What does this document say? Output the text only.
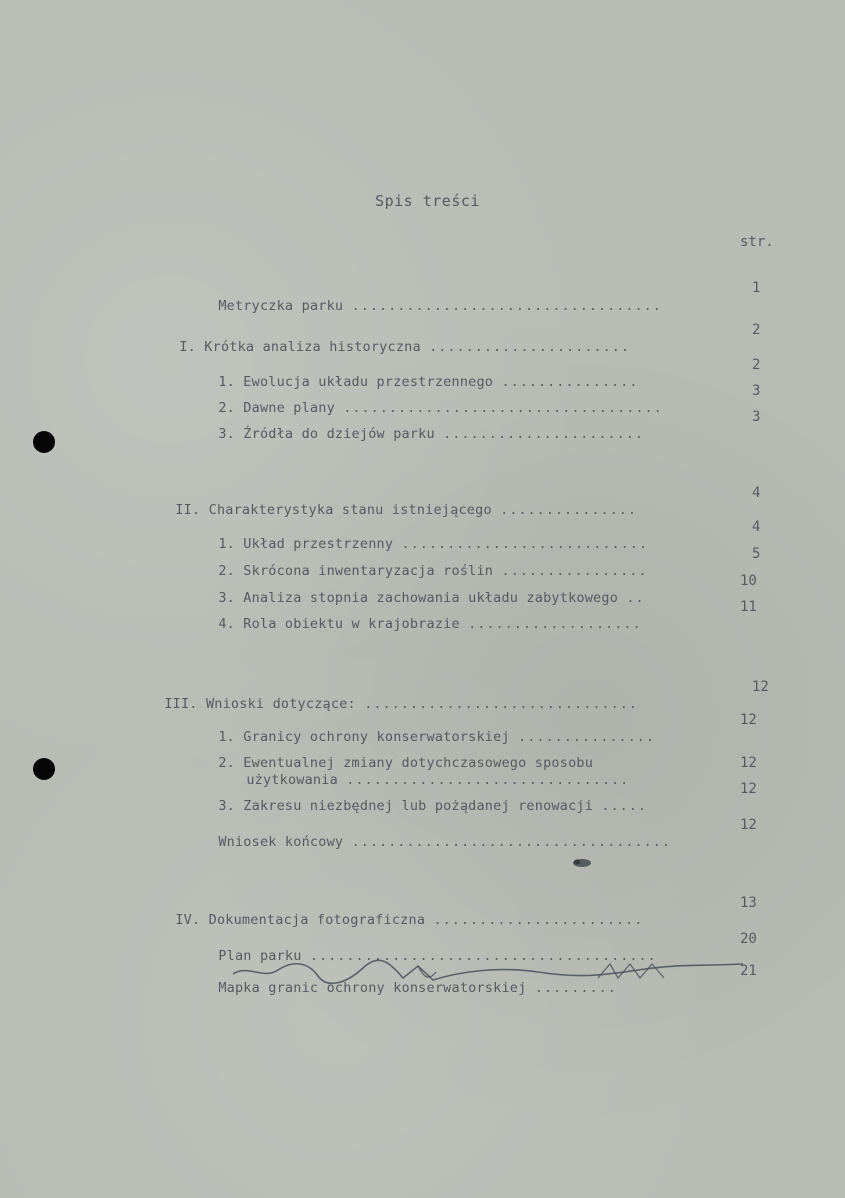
Spis treści
str.

Metryczka parku ..................................

1

I. Krótka analiza historyczna ......................

2

1. Ewolucja układu przestrzennego ...............

2

2. Dawne plany ...................................

3

3. Źródła do dziejów parku ......................

3

II. Charakterystyka stanu istniejącego ...............

4

1. Układ przestrzenny ...........................

4

2. Skrócona inwentaryzacja roślin ................

5

3. Analiza stopnia zachowania układu zabytkowego ..

10

4. Rola obiektu w krajobrazie ...................

11

III. Wnioski dotyczące: ..............................

12

1. Granicy ochrony konserwatorskiej ...............

12

2. Ewentualnej zmiany dotychczasowego sposobu

użytkowania ...............................

12

3. Zakresu niezbędnej lub pożądanej renowacji .....

12

Wniosek końcowy ...................................

12

IV. Dokumentacja fotograficzna .......................

13

Plan parku ......................................

20

Mapka granic ochrony konserwatorskiej .........

21
